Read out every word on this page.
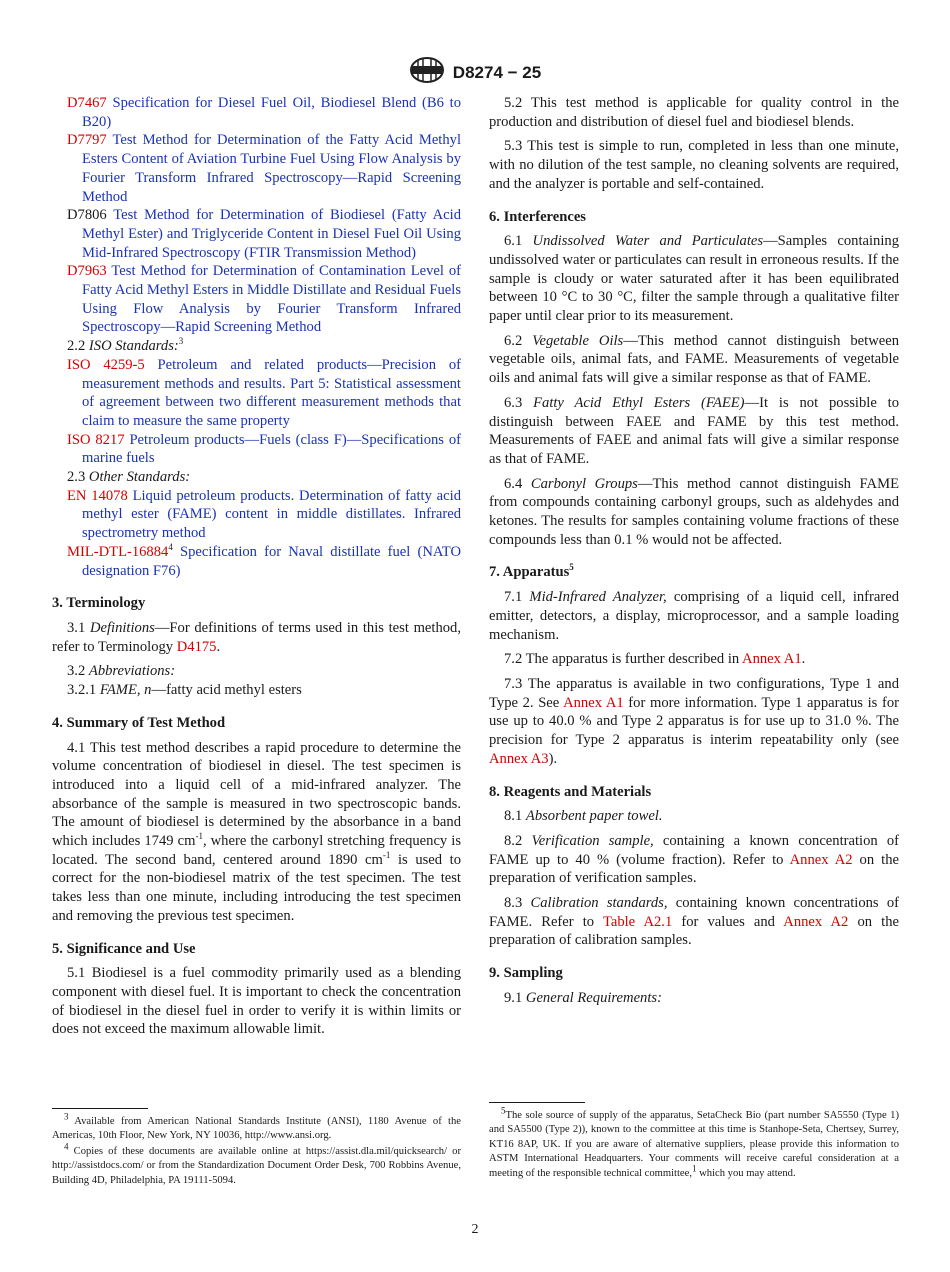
D8274 − 25

D7467 Specification for Diesel Fuel Oil, Biodiesel Blend (B6 to B20)

D7797 Test Method for Determination of the Fatty Acid Methyl Esters Content of Aviation Turbine Fuel Using Flow Analysis by Fourier Transform Infrared Spectroscopy—Rapid Screening Method

D7806 Test Method for Determination of Biodiesel (Fatty Acid Methyl Ester) and Triglyceride Content in Diesel Fuel Oil Using Mid-Infrared Spectroscopy (FTIR Transmission Method)

D7963 Test Method for Determination of Contamination Level of Fatty Acid Methyl Esters in Middle Distillate and Residual Fuels Using Flow Analysis by Fourier Transform Infrared Spectroscopy—Rapid Screening Method

2.2 ISO Standards:$^3$

ISO 4259-5 Petroleum and related products—Precision of measurement methods and results. Part 5: Statistical assessment of agreement between two different measurement methods that claim to measure the same property

ISO 8217 Petroleum products—Fuels (class F)—Specifications of marine fuels

2.3 Other Standards:

EN 14078 Liquid petroleum products. Determination of fatty acid methyl ester (FAME) content in middle distillates. Infrared spectrometry method

MIL-DTL-16884$^4$ Specification for Naval distillate fuel (NATO designation F76)

3. Terminology

3.1 Definitions—For definitions of terms used in this test method, refer to Terminology D4175.

3.2 Abbreviations:

3.2.1 FAME, n—fatty acid methyl esters

4. Summary of Test Method

4.1 This test method describes a rapid procedure to determine the volume concentration of biodiesel in diesel. The test specimen is introduced into a liquid cell of a mid-infrared analyzer. The absorbance of the sample is measured in two spectroscopic bands. The amount of biodiesel is determined by the absorbance in a band which includes 1749 $cm^{-1}$, where the carbonyl stretching frequency is located. The second band, centered around 1890 $cm^{-1}$ is used to correct for the non-biodiesel matrix of the test specimen. The test takes less than one minute, including introducing the test specimen and removing the previous test specimen.

5. Significance and Use

5.1 Biodiesel is a fuel commodity primarily used as a blending component with diesel fuel. It is important to check the concentration of biodiesel in the diesel fuel in order to verify it is within limits or does not exceed the maximum allowable limit.

5.2 This test method is applicable for quality control in the production and distribution of diesel fuel and biodiesel blends.

5.3 This test is simple to run, completed in less than one minute, with no dilution of the test sample, no cleaning solvents are required, and the analyzer is portable and self-contained.

6. Interferences

6.1 Undissolved Water and Particulates—Samples containing undissolved water or particulates can result in erroneous results. If the sample is cloudy or water saturated after it has been equilibrated between 10 °C to 30 °C, filter the sample through a qualitative filter paper until clear prior to its measurement.

6.2 Vegetable Oils—This method cannot distinguish between vegetable oils, animal fats, and FAME. Measurements of vegetable oils and animal fats will give a similar response as that of FAME.

6.3 Fatty Acid Ethyl Esters (FAEE)—It is not possible to distinguish between FAEE and FAME by this test method. Measurements of FAEE and animal fats will give a similar response as that of FAME.

6.4 Carbonyl Groups—This method cannot distinguish FAME from compounds containing carbonyl groups, such as aldehydes and ketones. The results for samples containing volume fractions of these compounds less than 0.1 % would not be affected.

7. Apparatus$^5$

7.1 Mid-Infrared Analyzer, comprising of a liquid cell, infrared emitter, detectors, a display, microprocessor, and a sample loading mechanism.

7.2 The apparatus is further described in Annex A1.

7.3 The apparatus is available in two configurations, Type 1 and Type 2. See Annex A1 for more information. Type 1 apparatus is for use up to 40.0 % and Type 2 apparatus is for use up to 31.0 %. The precision for Type 2 apparatus is interim repeatability only (see Annex A3).

8. Reagents and Materials

8.1 Absorbent paper towel.

8.2 Verification sample, containing a known concentration of FAME up to 40 % (volume fraction). Refer to Annex A2 on the preparation of verification samples.

8.3 Calibration standards, containing known concentrations of FAME. Refer to Table A2.1 for values and Annex A2 on the preparation of calibration samples.

9. Sampling

9.1 General Requirements:

$^3$ Available from American National Standards Institute (ANSI), 1180 Avenue of the Americas, 10th Floor, New York, NY 10036, http://www.ansi.org.

$^4$ Copies of these documents are available online at https://assist.dla.mil/quicksearch/ or http://assistdocs.com/ or from the Standardization Document Order Desk, 700 Robbins Avenue, Building 4D, Philadelphia, PA 19111-5094.

$^5$The sole source of supply of the apparatus, SetaCheck Bio (part number SA5550 (Type 1) and SA5500 (Type 2)), known to the committee at this time is Stanhope-Seta, Chertsey, Surrey, KT16 8AP, UK. If you are aware of alternative suppliers, please provide this information to ASTM International Headquarters. Your comments will receive careful consideration at a meeting of the responsible technical committee,$^1$ which you may attend.

2
